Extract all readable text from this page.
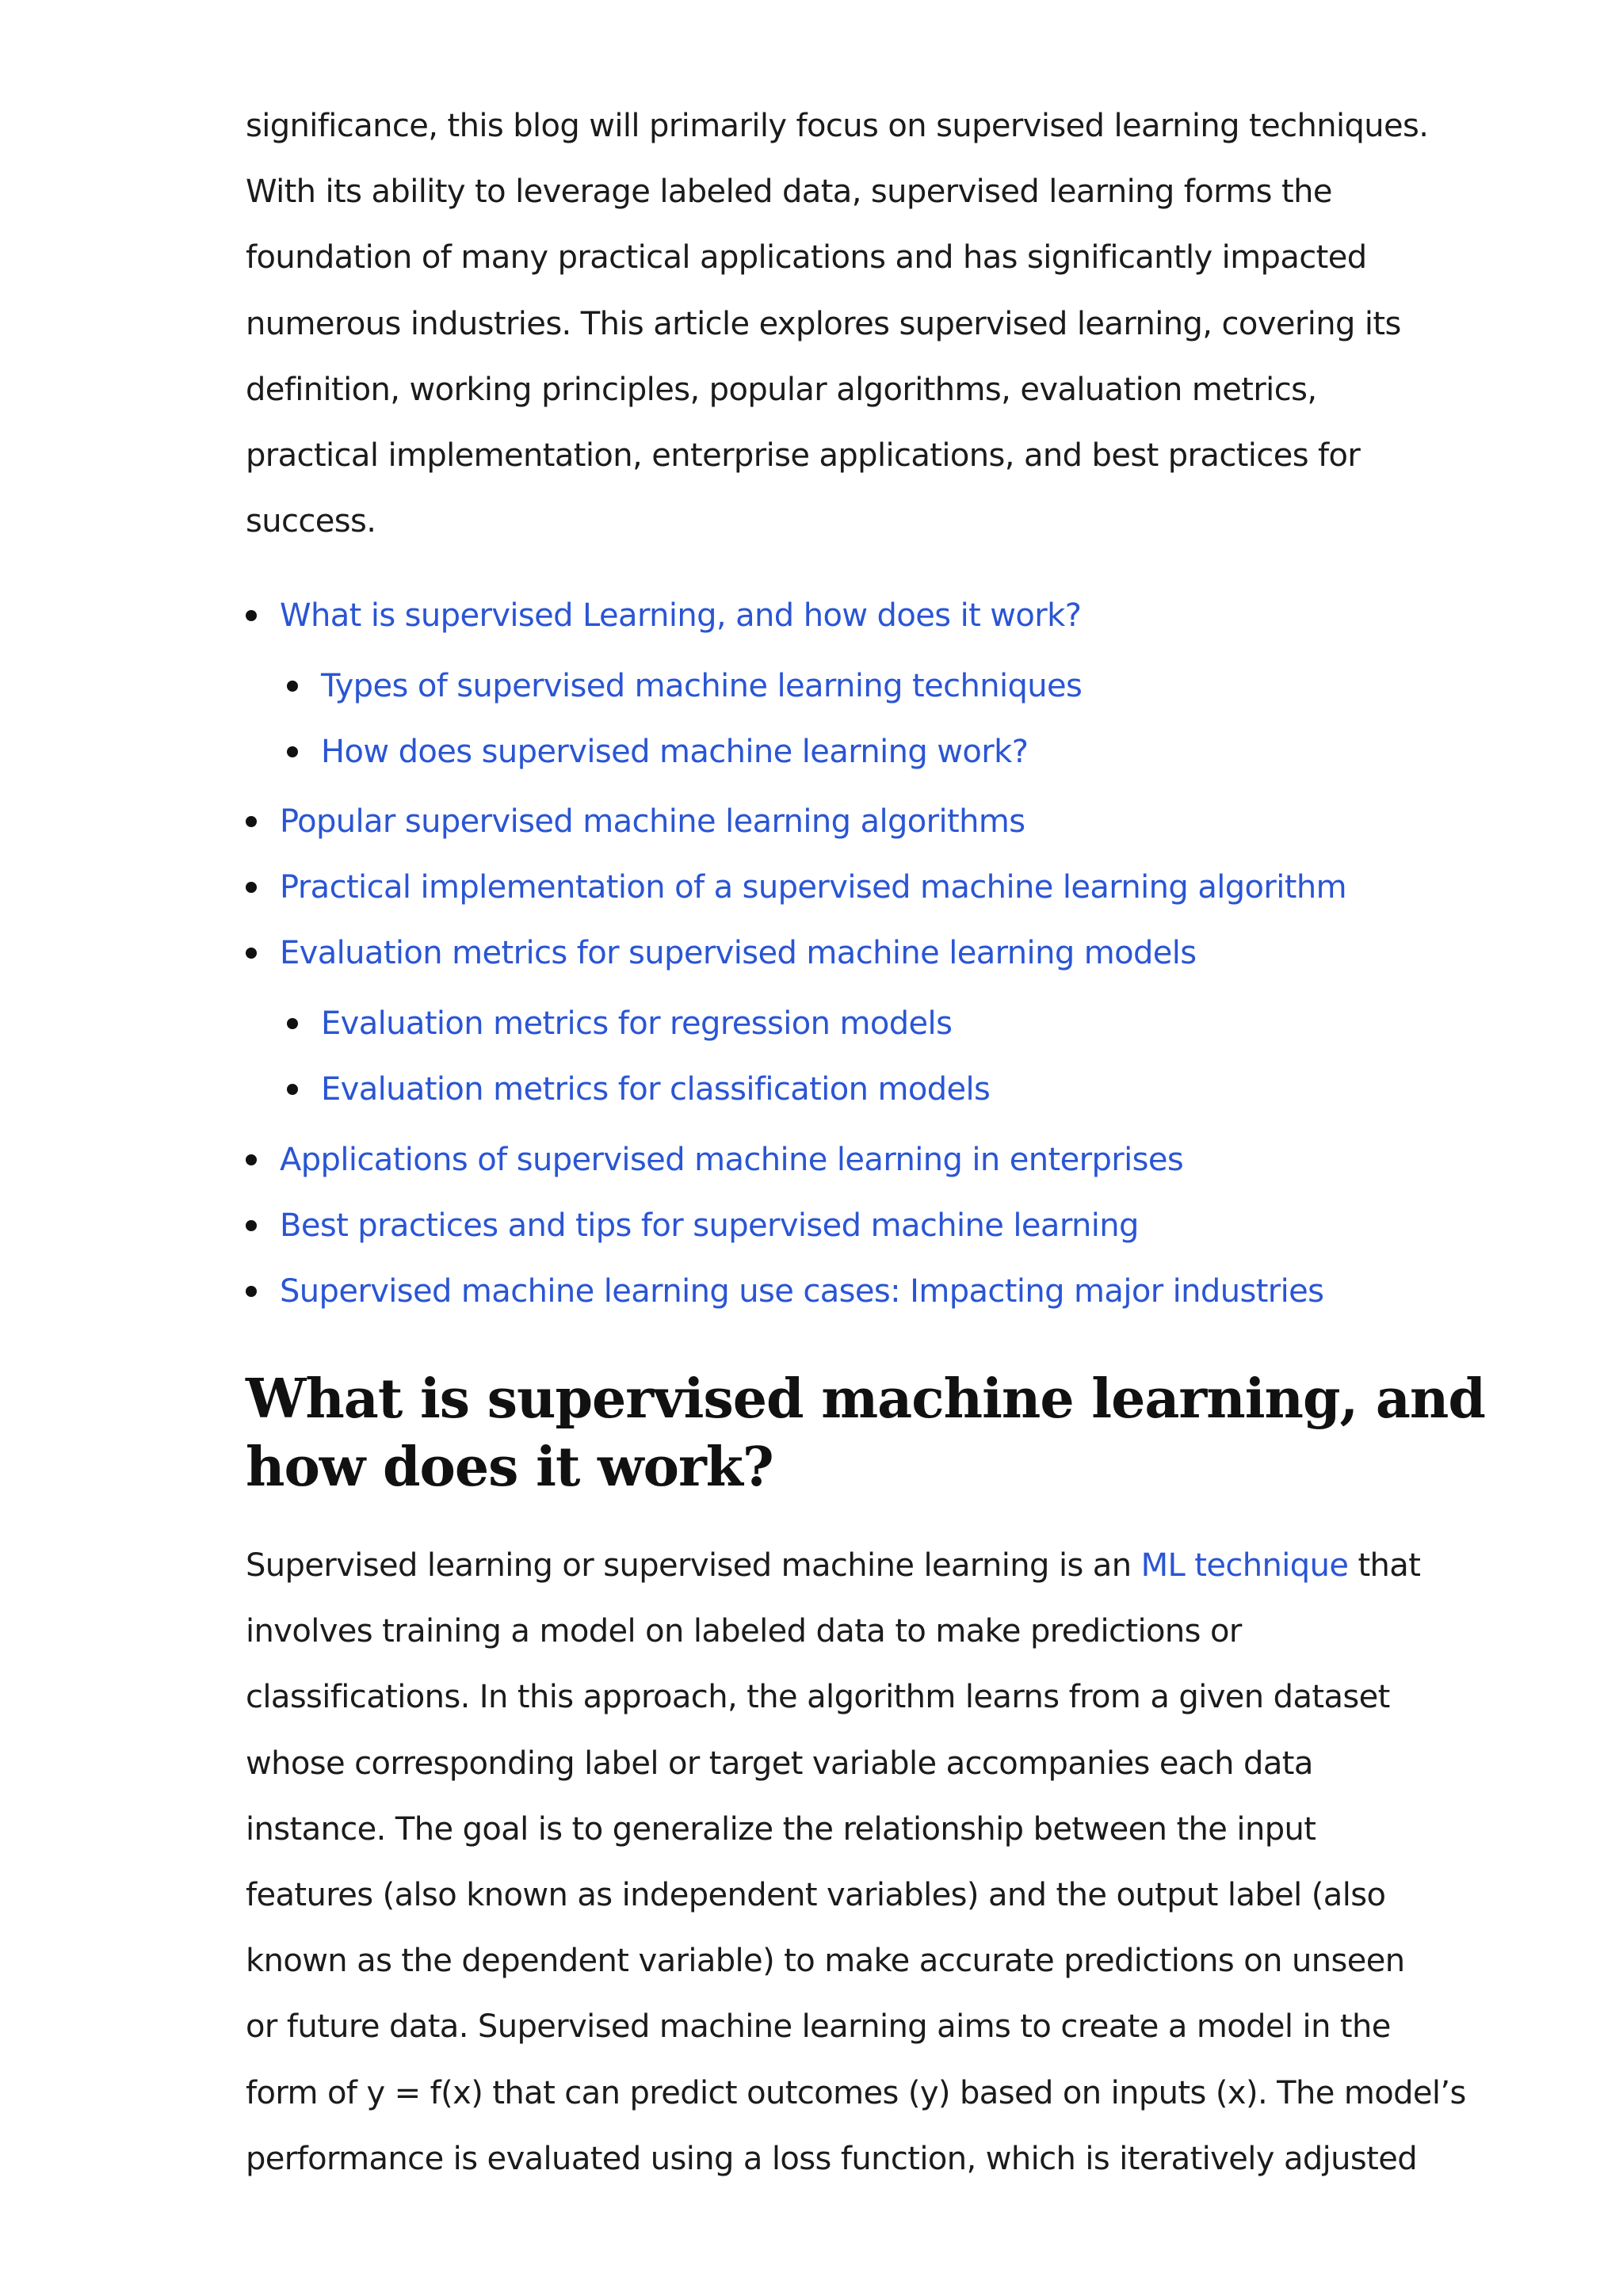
significance, this blog will primarily focus on supervised learning techniques.
With its ability to leverage labeled data, supervised learning forms the
foundation of many practical applications and has significantly impacted
numerous industries. This article explores supervised learning, covering its
definition, working principles, popular algorithms, evaluation metrics,
practical implementation, enterprise applications, and best practices for
success.
What is supervised Learning, and how does it work?
Types of supervised machine learning techniques
How does supervised machine learning work?
Popular supervised machine learning algorithms
Practical implementation of a supervised machine learning algorithm
Evaluation metrics for supervised machine learning models
Evaluation metrics for regression models
Evaluation metrics for classification models
Applications of supervised machine learning in enterprises
Best practices and tips for supervised machine learning
Supervised machine learning use cases: Impacting major industries
What is supervised machine learning, and
how does it work?
Supervised learning or supervised machine learning is an ML technique that
involves training a model on labeled data to make predictions or
classifications. In this approach, the algorithm learns from a given dataset
whose corresponding label or target variable accompanies each data
instance. The goal is to generalize the relationship between the input
features (also known as independent variables) and the output label (also
known as the dependent variable) to make accurate predictions on unseen
or future data. Supervised machine learning aims to create a model in the
form of y = f(x) that can predict outcomes (y) based on inputs (x). The model’s
performance is evaluated using a loss function, which is iteratively adjusted
